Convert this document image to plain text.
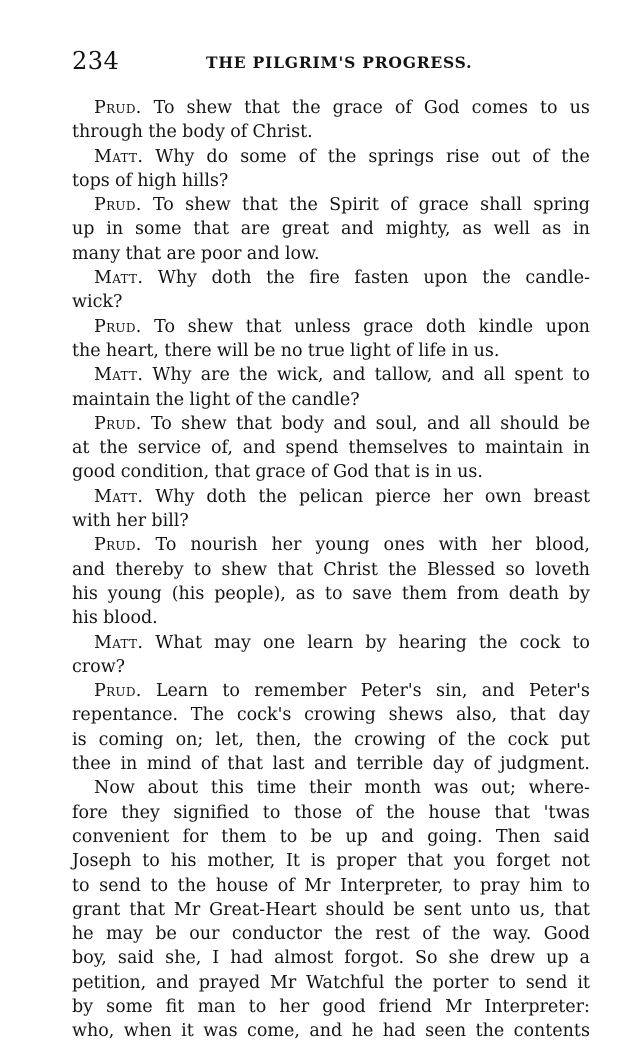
234	THE PILGRIM'S PROGRESS.
Prud. To shew that the grace of God comes to us
through the body of Christ.
Matt. Why do some of the springs rise out of the
tops of high hills?
Prud. To shew that the Spirit of grace shall spring
up in some that are great and mighty, as well as in
many that are poor and low.
Matt. Why doth the fire fasten upon the candle-
wick?
Prud. To shew that unless grace doth kindle upon
the heart, there will be no true light of life in us.
Matt. Why are the wick, and tallow, and all spent to
maintain the light of the candle?
Prud. To shew that body and soul, and all should be
at the service of, and spend themselves to maintain in
good condition, that grace of God that is in us.
Matt. Why doth the pelican pierce her own breast
with her bill?
Prud. To nourish her young ones with her blood,
and thereby to shew that Christ the Blessed so loveth
his young (his people), as to save them from death by
his blood.
Matt. What may one learn by hearing the cock to
crow?
Prud. Learn to remember Peter's sin, and Peter's
repentance. The cock's crowing shews also, that day
is coming on; let, then, the crowing of the cock put
thee in mind of that last and terrible day of judgment.
Now about this time their month was out; where-
fore they signified to those of the house that 'twas
convenient for them to be up and going. Then said
Joseph to his mother, It is proper that you forget not
to send to the house of Mr Interpreter, to pray him to
grant that Mr Great-Heart should be sent unto us, that
he may be our conductor the rest of the way. Good
boy, said she, I had almost forgot. So she drew up a
petition, and prayed Mr Watchful the porter to send it
by some fit man to her good friend Mr Interpreter:
who, when it was come, and he had seen the contents
